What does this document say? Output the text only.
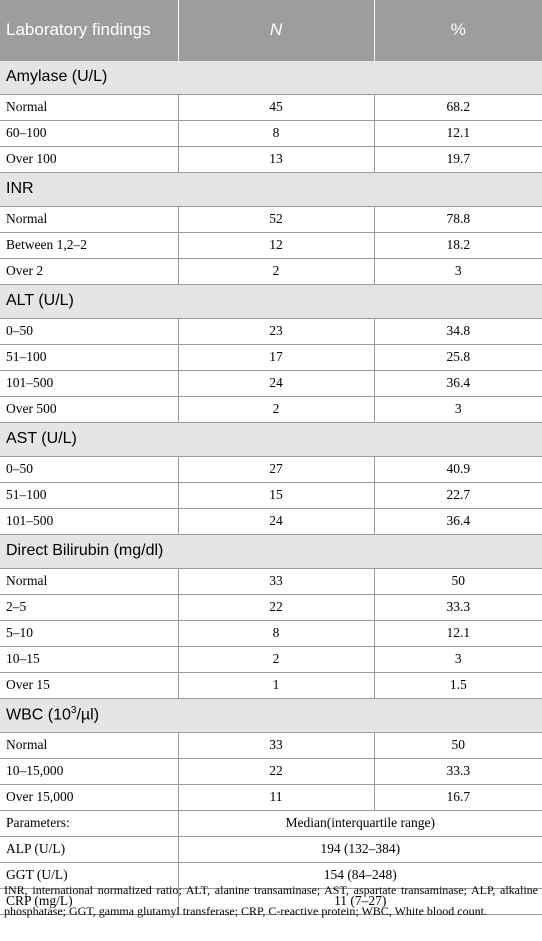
Laboratory findings	N	%
Amylase (U/L)		
Normal	45	68.2
60–100	8	12.1
Over 100	13	19.7
INR		
Normal	52	78.8
Between 1,2–2	12	18.2
Over 2	2	3
ALT (U/L)		
0–50	23	34.8
51–100	17	25.8
101–500	24	36.4
Over 500	2	3
AST (U/L)		
0–50	27	40.9
51–100	15	22.7
101–500	24	36.4
Direct Bilirubin (mg/dl)		
Normal	33	50
2–5	22	33.3
5–10	8	12.1
10–15	2	3
Over 15	1	1.5
WBC $(10^3/\mu l)$		
Normal	33	50
10–15,000	22	33.3
Over 15,000	11	16.7
Parameters:	Median(interquartile range)	
ALP (U/L)	194 (132–384)	
GGT (U/L)	154 (84–248)	
CRP (mg/L)	11 (7–27)	
INR, international normalized ratio; ALT, alanine transaminase; AST, aspartate transaminase; ALP, alkaline phosphatase; GGT, gamma glutamyl transferase; CRP, C-reactive protein; WBC, White blood count.
